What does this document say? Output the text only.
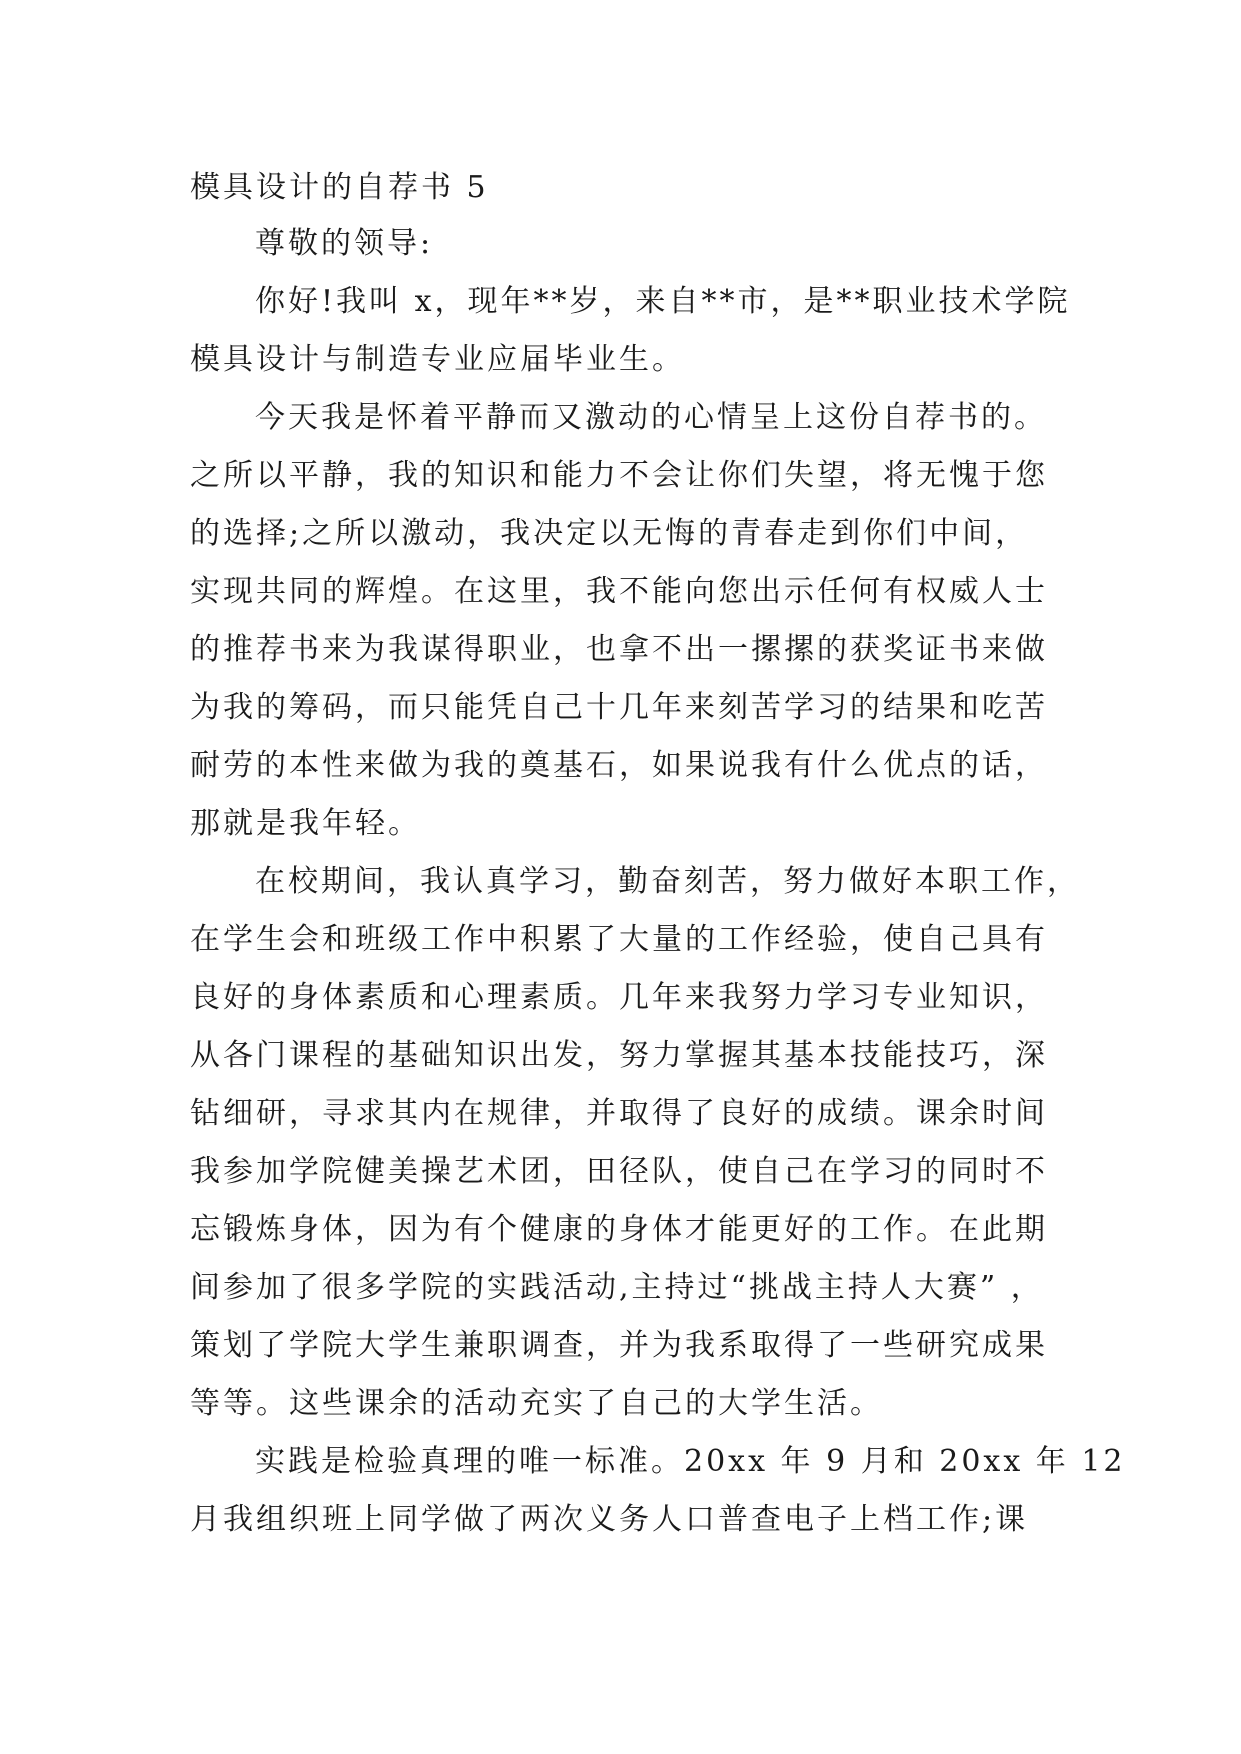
模具设计的自荐书 5
尊敬的领导:
你好!我叫 x，现年**岁，来自**市，是**职业技术学院
模具设计与制造专业应届毕业生。
今天我是怀着平静而又激动的心情呈上这份自荐书的。
之所以平静，我的知识和能力不会让你们失望，将无愧于您
的选择;之所以激动，我决定以无悔的青春走到你们中间，
实现共同的辉煌。在这里，我不能向您出示任何有权威人士
的推荐书来为我谋得职业，也拿不出一摞摞的获奖证书来做
为我的筹码，而只能凭自己十几年来刻苦学习的结果和吃苦
耐劳的本性来做为我的奠基石，如果说我有什么优点的话，
那就是我年轻。
在校期间，我认真学习，勤奋刻苦，努力做好本职工作，
在学生会和班级工作中积累了大量的工作经验，使自己具有
良好的身体素质和心理素质。几年来我努力学习专业知识，
从各门课程的基础知识出发，努力掌握其基本技能技巧，深
钻细研，寻求其内在规律，并取得了良好的成绩。课余时间
我参加学院健美操艺术团，田径队，使自己在学习的同时不
忘锻炼身体，因为有个健康的身体才能更好的工作。在此期
间参加了很多学院的实践活动,主持过“挑战主持人大赛” ，
策划了学院大学生兼职调查，并为我系取得了一些研究成果
等等。这些课余的活动充实了自己的大学生活。
实践是检验真理的唯一标准。20xx 年 9 月和 20xx 年 12
月我组织班上同学做了两次义务人口普查电子上档工作;课
